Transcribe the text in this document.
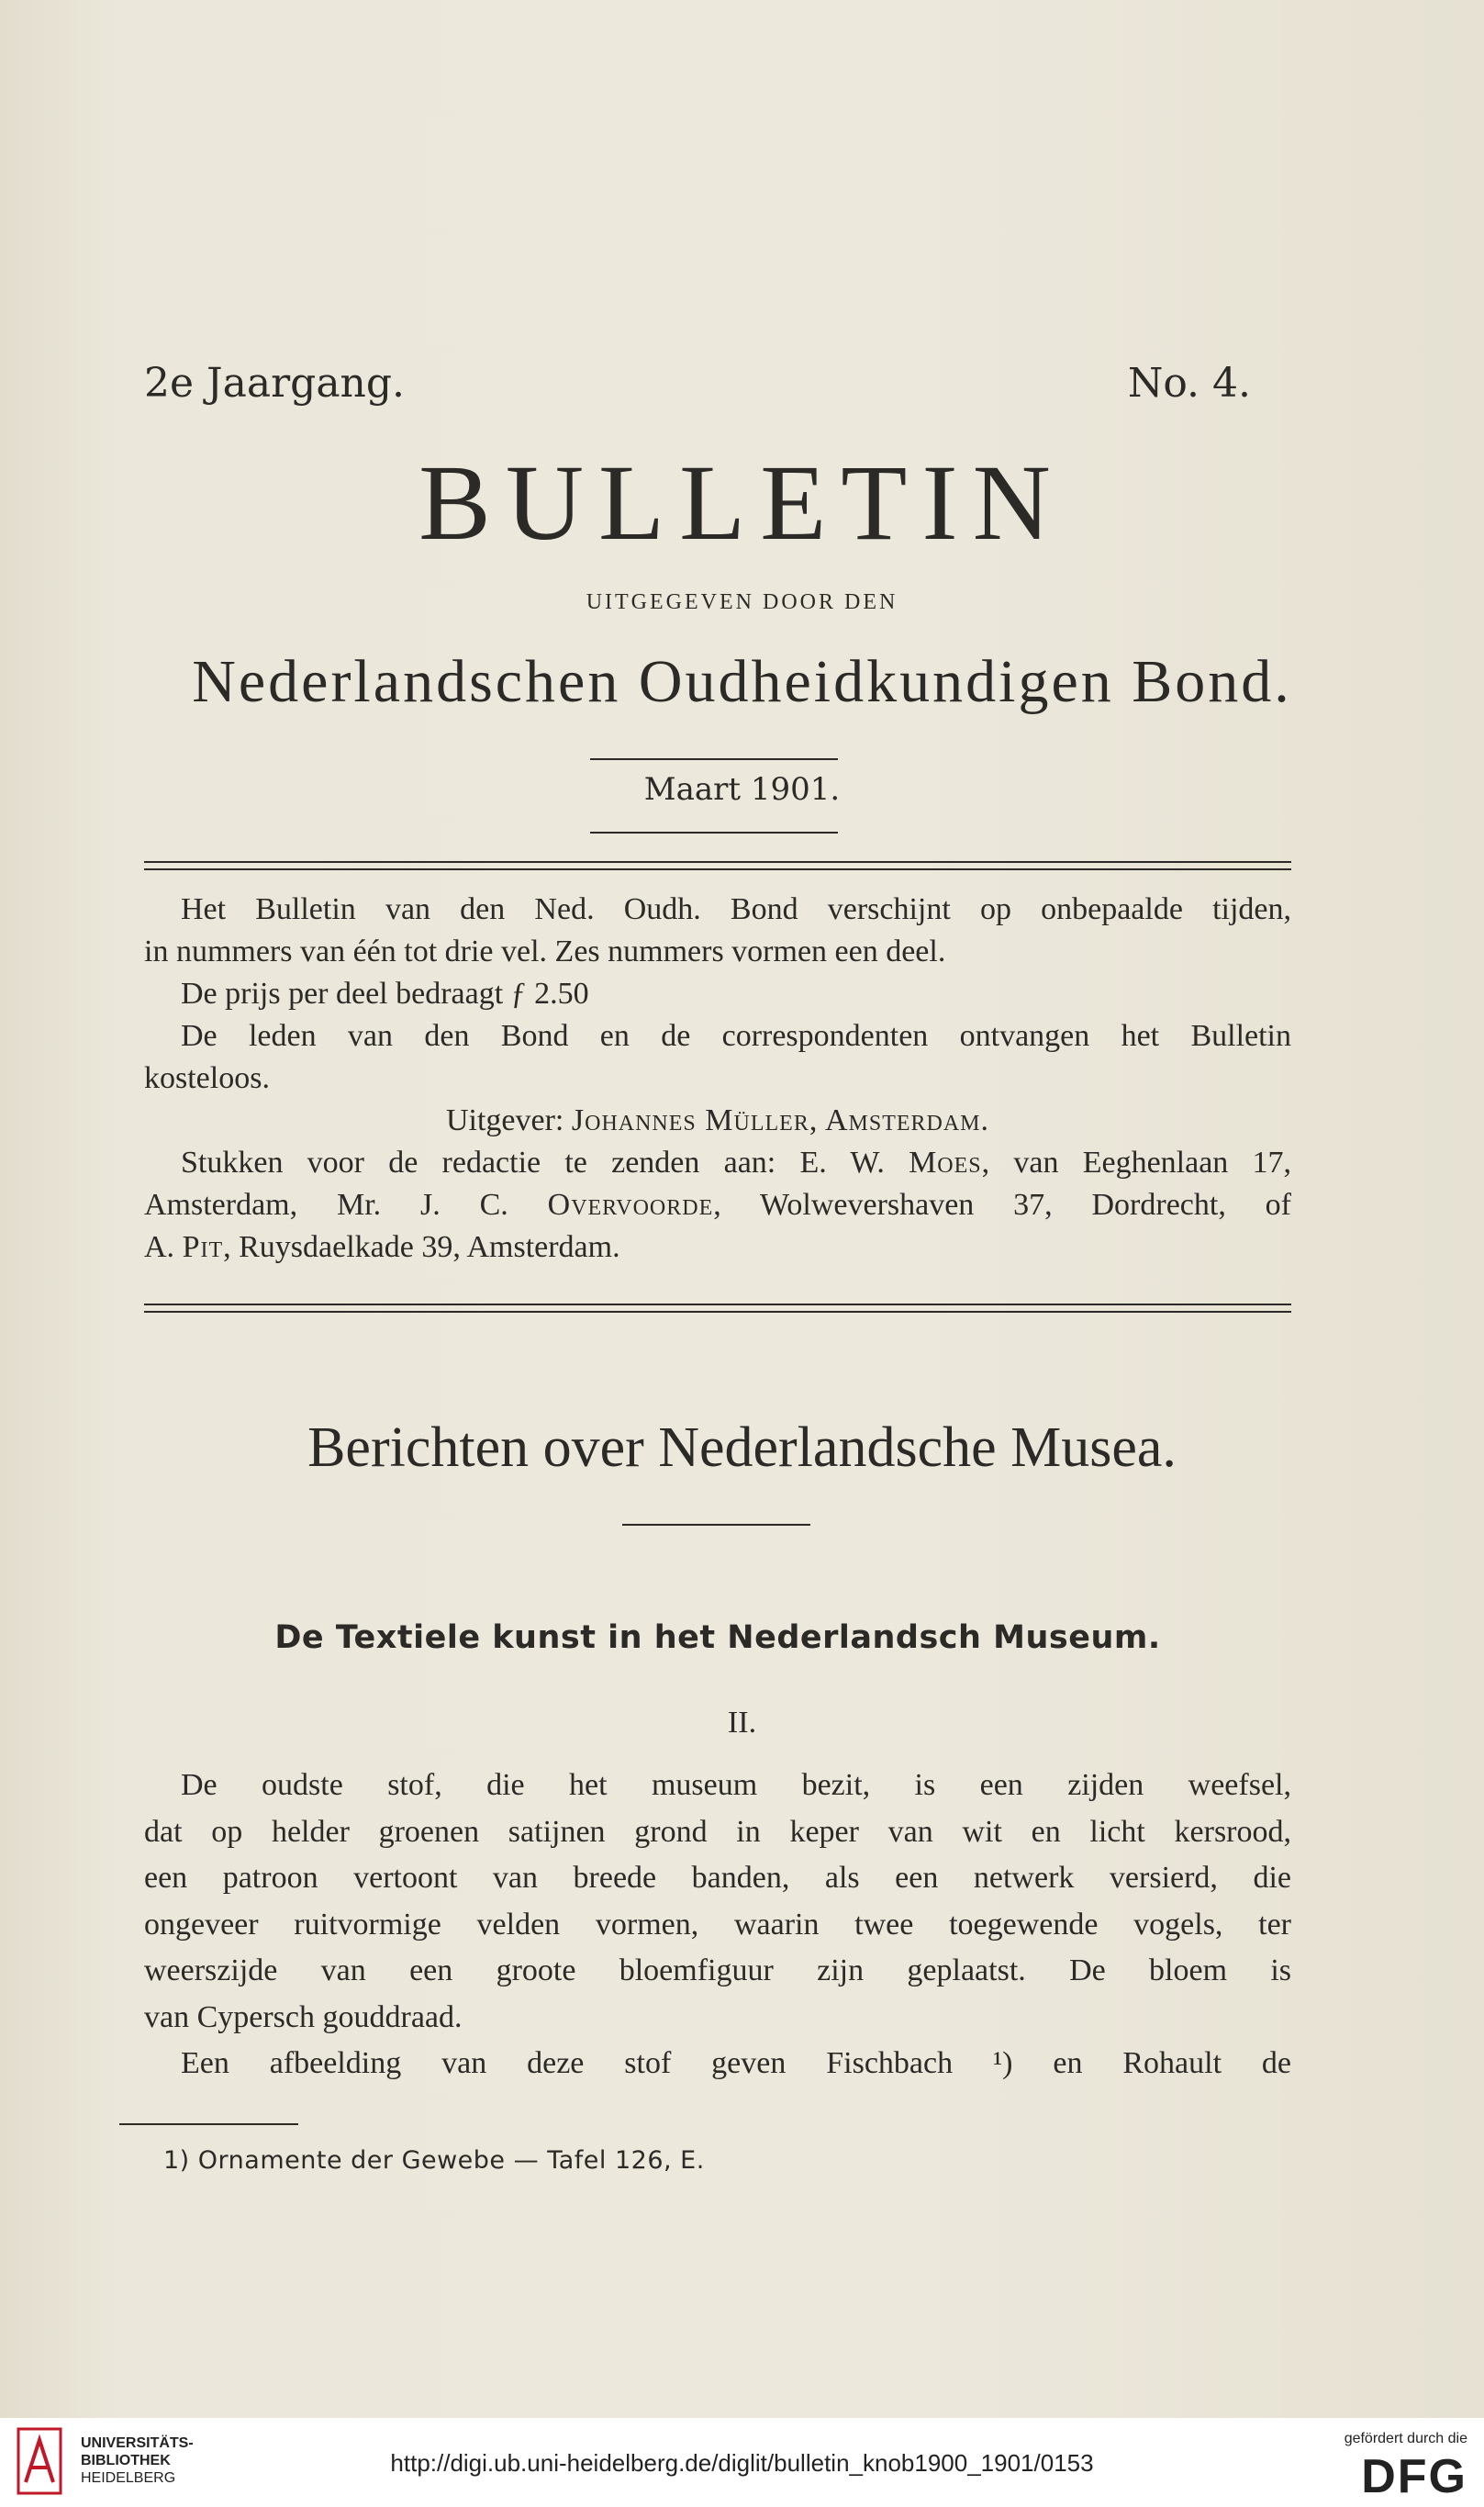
2e Jaargang.	No. 4.
BULLETIN
UITGEGEVEN DOOR DEN
Nederlandschen Oudheidkundigen Bond.
Maart 1901.

Het Bulletin van den Ned. Oudh. Bond verschijnt op onbepaalde tijden,

in nummers van één tot drie vel. Zes nummers vormen een deel.

De prijs per deel bedraagt ƒ 2.50

De leden van den Bond en de correspondenten ontvangen het Bulletin

kosteloos.

Uitgever: Johannes Müller, Amsterdam.

Stukken voor de redactie te zenden aan: E. W. Moes, van Eeghenlaan 17,

Amsterdam, Mr. J. C. Overvoorde, Wolwevershaven 37, Dordrecht, of

A. Pit, Ruysdaelkade 39, Amsterdam.

Berichten over Nederlandsche Musea.
De Textiele kunst in het Nederlandsch Museum.
II.

De oudste stof, die het museum bezit, is een zijden weefsel,

dat op helder groenen satijnen grond in keper van wit en licht kersrood,

een patroon vertoont van breede banden, als een netwerk versierd, die

ongeveer ruitvormige velden vormen, waarin twee toegewende vogels, ter

weerszijde van een groote bloemfiguur zijn geplaatst. De bloem is

van Cypersch gouddraad.

Een afbeelding van deze stof geven Fischbach ¹) en Rohault de

1) Ornamente der Gewebe — Tafel 126, E.
UNIVERSITÄTS-
BIBLIOTHEK
HEIDELBERG
http://digi.ub.uni-heidelberg.de/diglit/bulletin_knob1900_1901/0153
gefördert durch die
DFG
